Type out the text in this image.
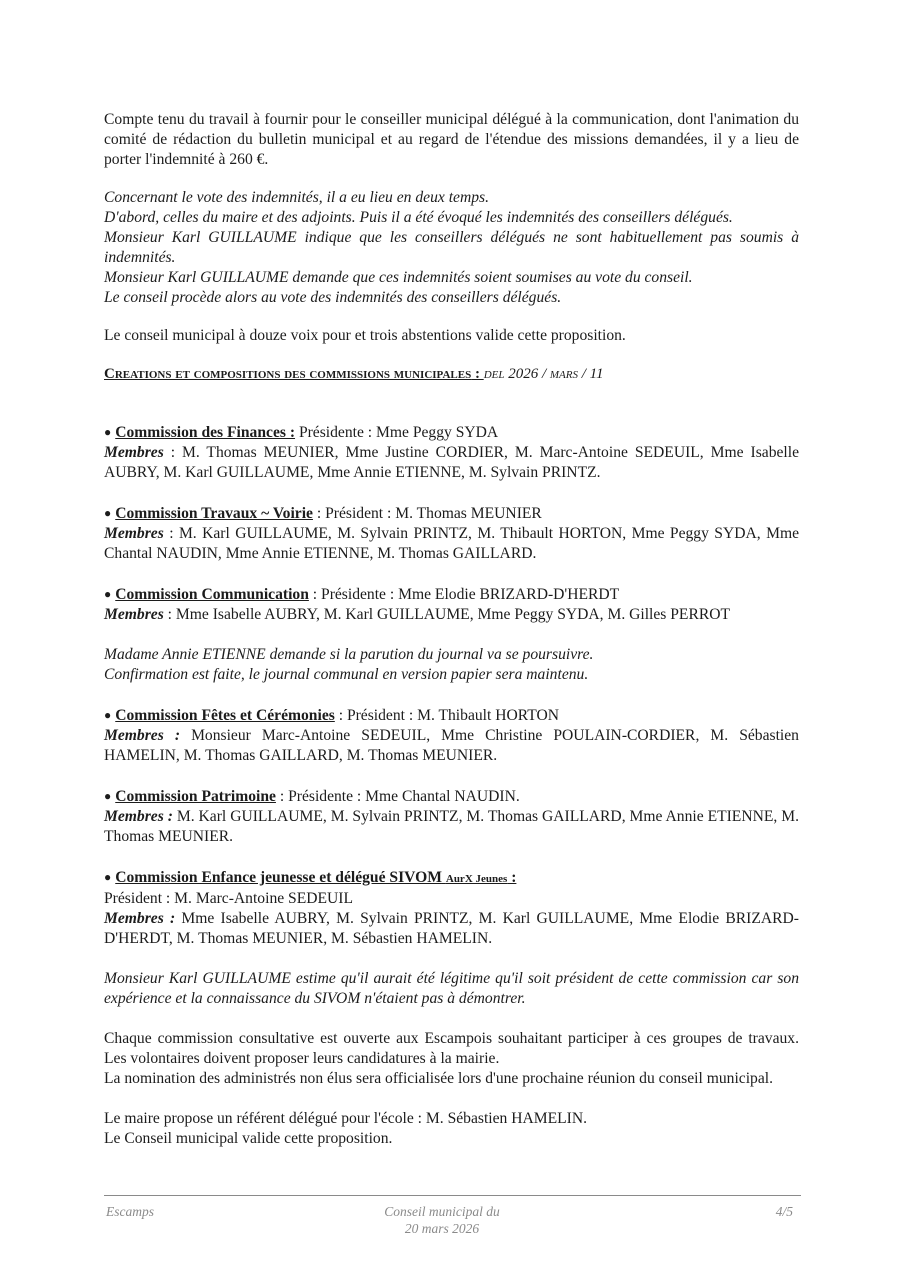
Compte tenu du travail à fournir pour le conseiller municipal délégué à la communication, dont l'animation du comité de rédaction du bulletin municipal et au regard de l'étendue des missions demandées, il y a lieu de porter l'indemnité à 260 €.

Concernant le vote des indemnités, il a eu lieu en deux temps.

D'abord, celles du maire et des adjoints. Puis il a été évoqué les indemnités des conseillers délégués.

Monsieur Karl GUILLAUME indique que les conseillers délégués ne sont habituellement pas soumis à indemnités.

Monsieur Karl GUILLAUME demande que ces indemnités soient soumises au vote du conseil.

Le conseil procède alors au vote des indemnités des conseillers délégués.

Le conseil municipal à douze voix pour et trois abstentions valide cette proposition.

Creations et compositions des commissions municipales : del 2026 / mars / 11

● Commission des Finances : Présidente : Mme Peggy SYDA

Membres : M. Thomas MEUNIER, Mme Justine CORDIER, M. Marc-Antoine SEDEUIL, Mme Isabelle AUBRY, M. Karl GUILLAUME, Mme Annie ETIENNE, M. Sylvain PRINTZ.

● Commission Travaux ~ Voirie : Président : M. Thomas MEUNIER

Membres : M. Karl GUILLAUME, M. Sylvain PRINTZ, M. Thibault HORTON, Mme Peggy SYDA, Mme Chantal NAUDIN, Mme Annie ETIENNE, M. Thomas GAILLARD.

● Commission Communication : Présidente : Mme Elodie BRIZARD-D'HERDT

Membres : Mme Isabelle AUBRY, M. Karl GUILLAUME, Mme Peggy SYDA, M. Gilles PERROT

Madame Annie ETIENNE demande si la parution du journal va se poursuivre.

Confirmation est faite, le journal communal en version papier sera maintenu.

● Commission Fêtes et Cérémonies : Président : M. Thibault HORTON

Membres : Monsieur Marc-Antoine SEDEUIL, Mme Christine POULAIN-CORDIER, M. Sébastien HAMELIN, M. Thomas GAILLARD, M. Thomas MEUNIER.

● Commission Patrimoine : Présidente : Mme Chantal NAUDIN.

Membres : M. Karl GUILLAUME, M. Sylvain PRINTZ, M. Thomas GAILLARD, Mme Annie ETIENNE, M. Thomas MEUNIER.

● Commission Enfance jeunesse et délégué SIVOM AurX Jeunes :

Président : M. Marc-Antoine SEDEUIL

Membres : Mme Isabelle AUBRY, M. Sylvain PRINTZ, M. Karl GUILLAUME, Mme Elodie BRIZARD-D'HERDT, M. Thomas MEUNIER, M. Sébastien HAMELIN.

Monsieur Karl GUILLAUME estime qu'il aurait été légitime qu'il soit président de cette commission car son expérience et la connaissance du SIVOM n'étaient pas à démontrer.

Chaque commission consultative est ouverte aux Escampois souhaitant participer à ces groupes de travaux. Les volontaires doivent proposer leurs candidatures à la mairie.

La nomination des administrés non élus sera officialisée lors d'une prochaine réunion du conseil municipal.

Le maire propose un référent délégué pour l'école : M. Sébastien HAMELIN.

Le Conseil municipal valide cette proposition.

Escamps	Conseil municipal du
20 mars 2026
4/5
